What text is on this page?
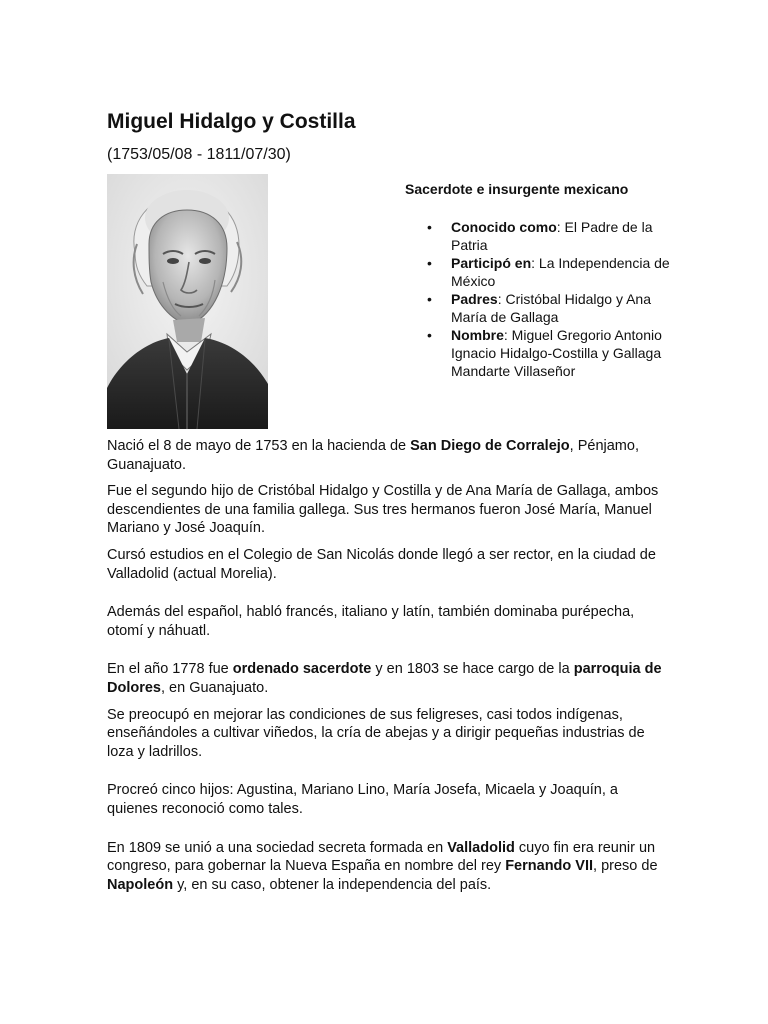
Miguel Hidalgo y Costilla
(1753/05/08 - 1811/07/30)
Sacerdote e insurgente mexicano
• Conocido como: El Padre de la Patria
• Participó en: La Independencia de México
• Padres: Cristóbal Hidalgo y Ana María de Gallaga
• Nombre: Miguel Gregorio Antonio Ignacio Hidalgo-Costilla y Gallaga Mandarte Villaseñor

Nació el 8 de mayo de 1753 en la hacienda de San Diego de Corralejo, Pénjamo, Guanajuato.

Fue el segundo hijo de Cristóbal Hidalgo y Costilla y de Ana María de Gallaga, ambos descendientes de una familia gallega. Sus tres hermanos fueron José María, Manuel Mariano y José Joaquín.

Cursó estudios en el Colegio de San Nicolás donde llegó a ser rector, en la ciudad de Valladolid (actual Morelia).

Además del español, habló francés, italiano y latín, también dominaba purépecha, otomí y náhuatl.

En el año 1778 fue ordenado sacerdote y en 1803 se hace cargo de la parroquia de Dolores, en Guanajuato.

Se preocupó en mejorar las condiciones de sus feligreses, casi todos indígenas, enseñándoles a cultivar viñedos, la cría de abejas y a dirigir pequeñas industrias de loza y ladrillos.

Procreó cinco hijos: Agustina, Mariano Lino, María Josefa, Micaela y Joaquín, a quienes reconoció como tales.

En 1809 se unió a una sociedad secreta formada en Valladolid cuyo fin era reunir un congreso, para gobernar la Nueva España en nombre del rey Fernando VII, preso de Napoleón y, en su caso, obtener la independencia del país.
